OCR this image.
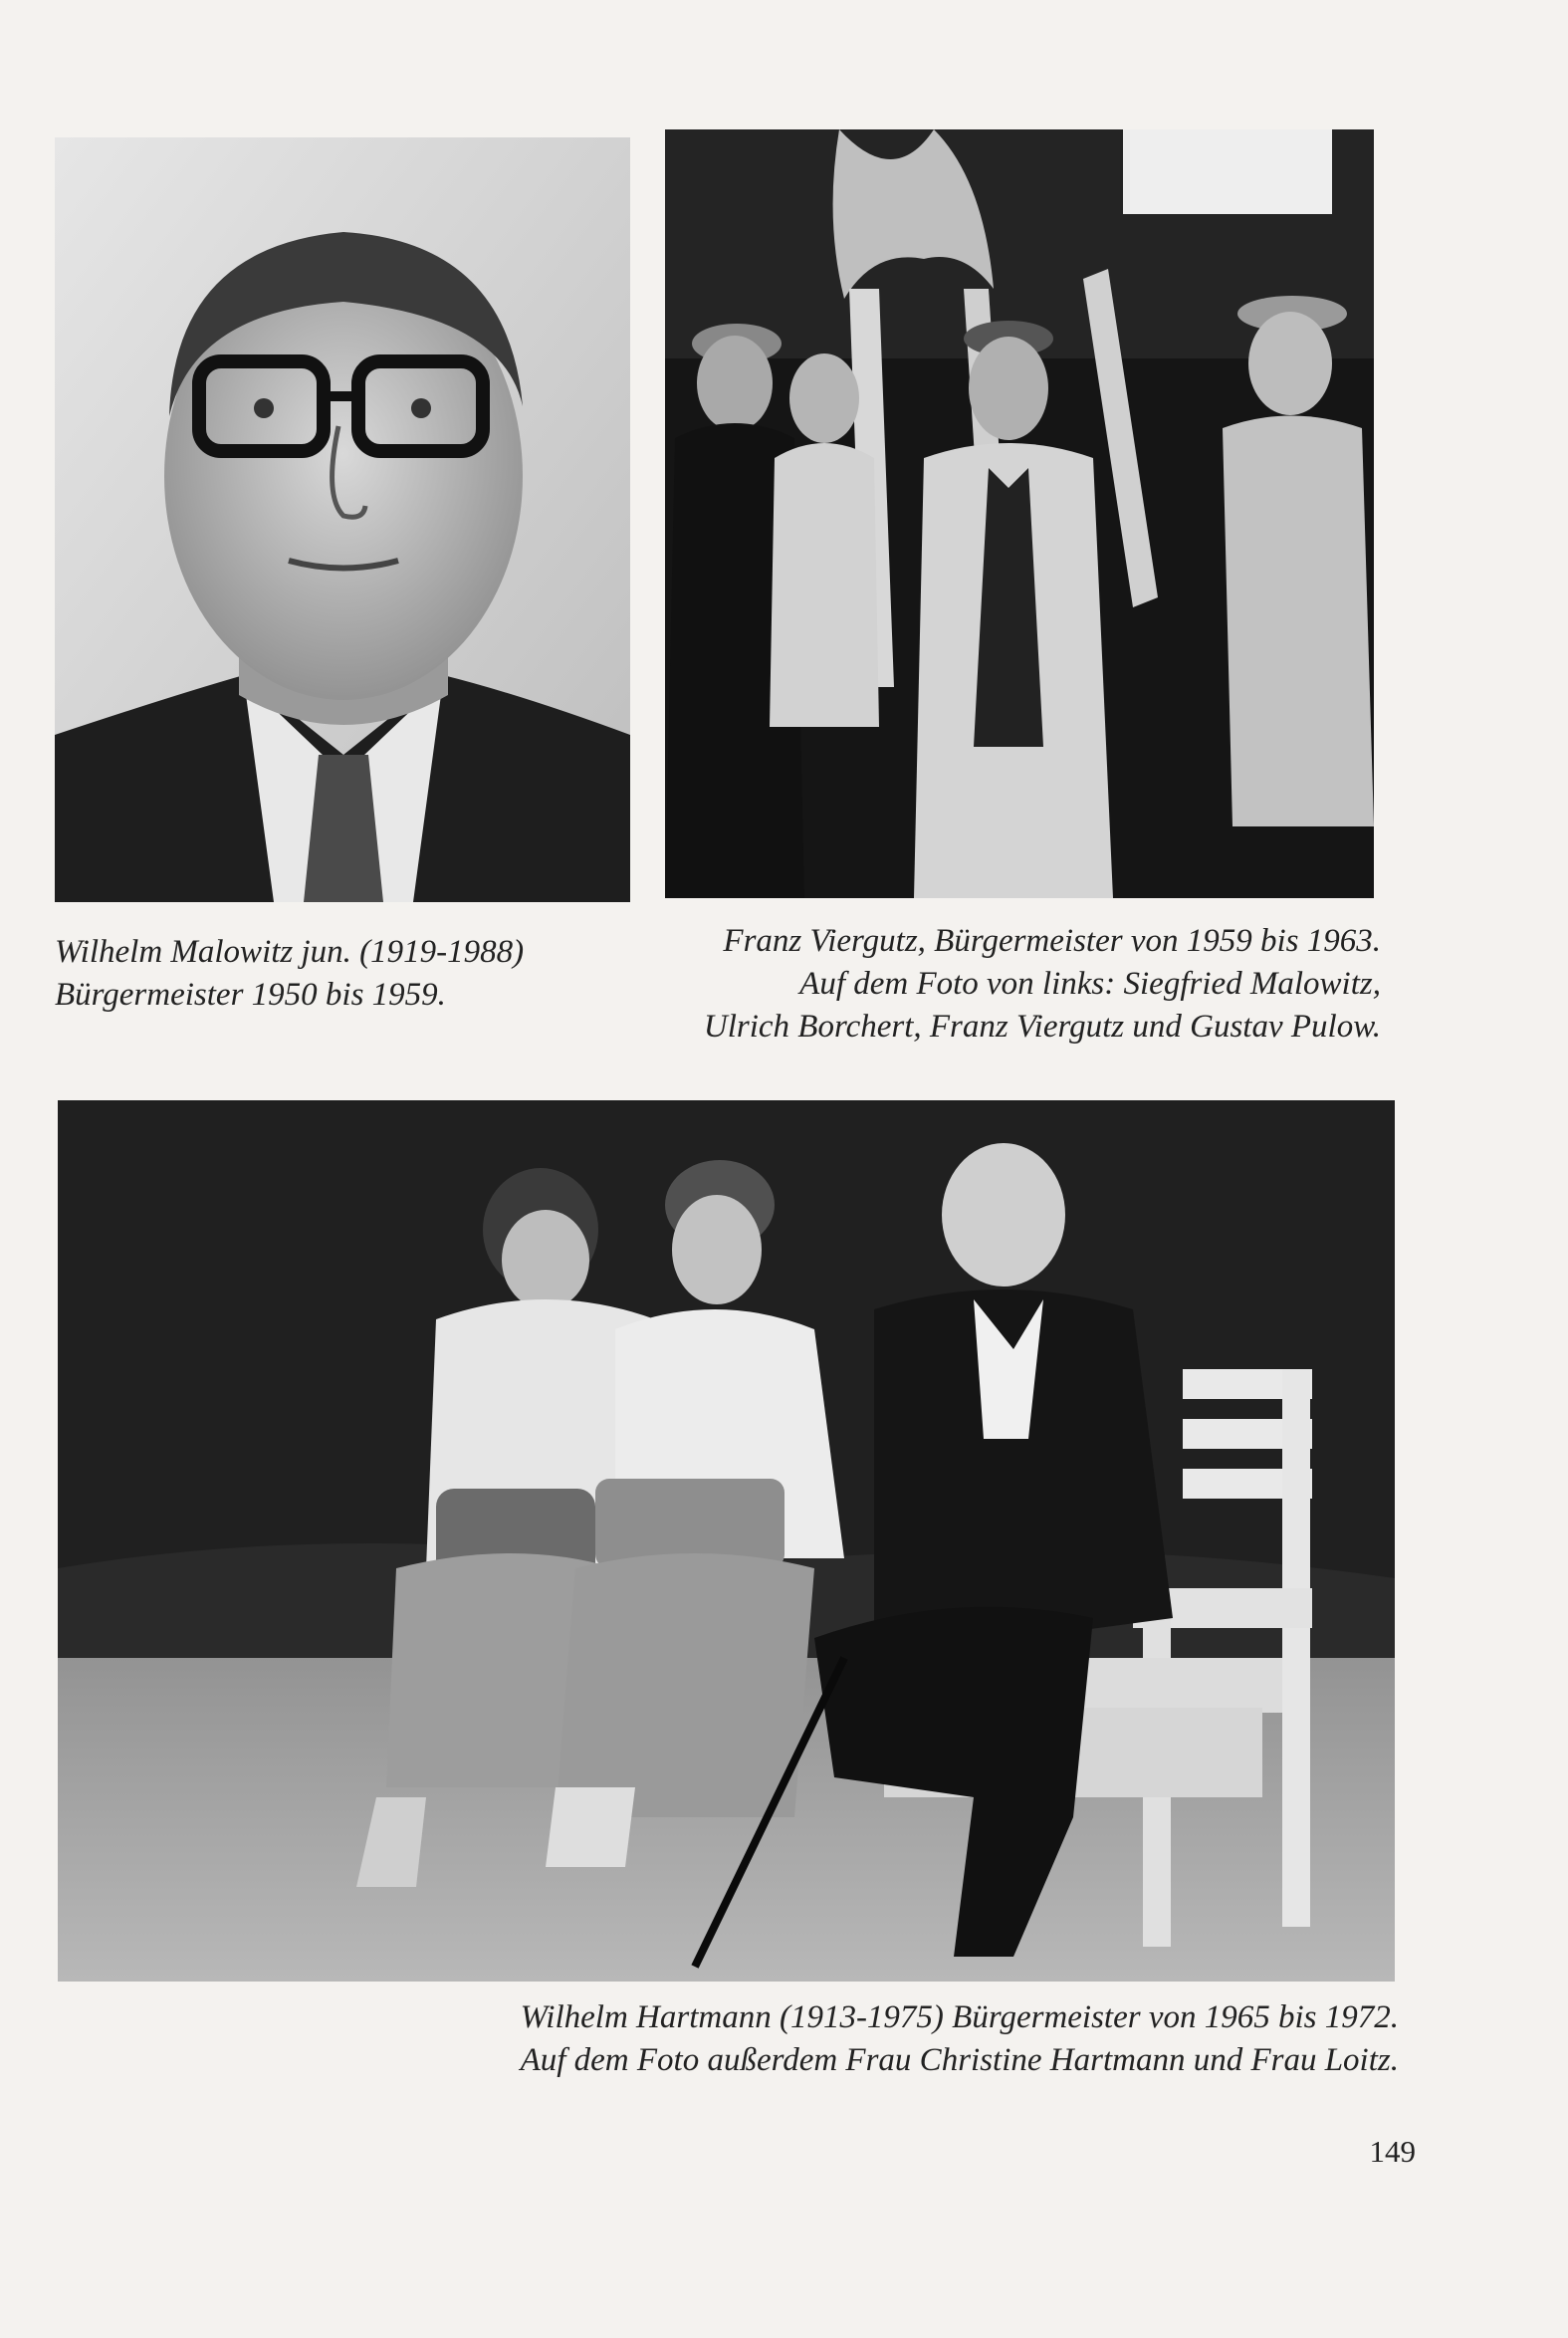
Wilhelm Malowitz jun. (1919-1988)
Bürgermeister 1950 bis 1959.
Franz Viergutz, Bürgermeister von 1959 bis 1963.
Auf dem Foto von links: Siegfried Malowitz,
Ulrich Borchert, Franz Viergutz und Gustav Pulow.
Wilhelm Hartmann (1913-1975) Bürgermeister von 1965 bis 1972.
Auf dem Foto außerdem Frau Christine Hartmann und Frau Loitz.
149
